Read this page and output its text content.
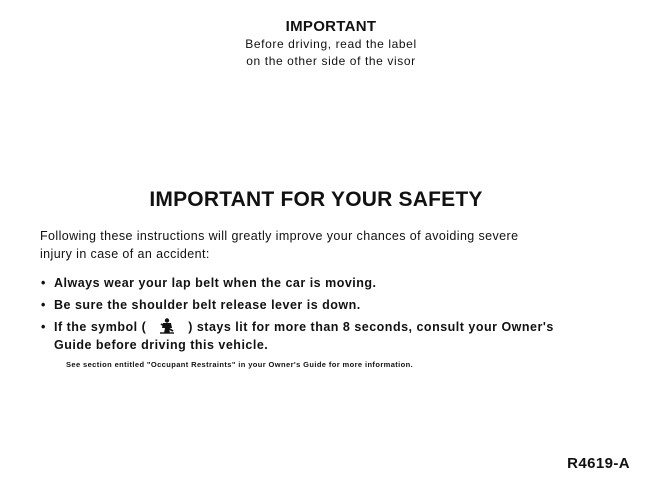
IMPORTANT
Before driving, read the label
on the other side of the visor
IMPORTANT FOR YOUR SAFETY
Following these instructions will greatly improve your chances of avoiding severe
injury in case of an accident:
• Always wear your lap belt when the car is moving.
• Be sure the shoulder belt release lever is down.
• If the symbol (	) stays lit for more than 8 seconds, consult your Owner's
Guide before driving this vehicle.
See section entitled "Occupant Restraints" in your Owner's Guide for more information.
R4619-A
